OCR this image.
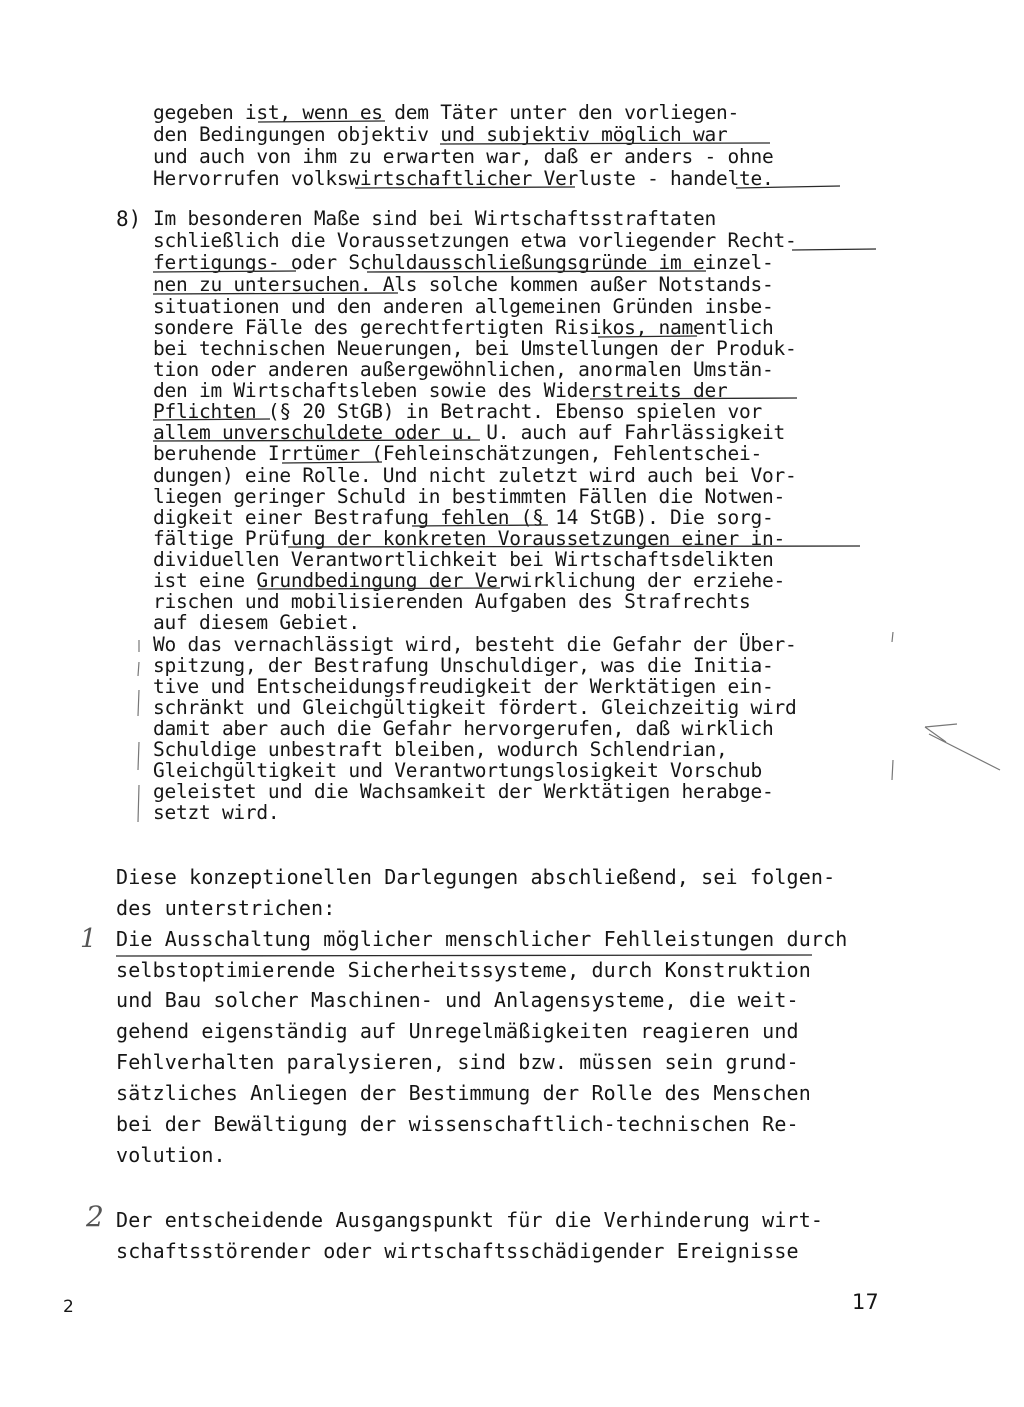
gegeben ist, wenn es dem Täter unter den vorliegen-
den Bedingungen objektiv und subjektiv möglich war
und auch von ihm zu erwarten war, daß er anders - ohne
Hervorrufen volkswirtschaftlicher Verluste - handelte.
8) Im besonderen Maße sind bei Wirtschaftsstraftaten
schließlich die Voraussetzungen etwa vorliegender Recht-
fertigungs- oder Schuldausschließungsgründe im einzel-
nen zu untersuchen. Als solche kommen außer Notstands-
situationen und den anderen allgemeinen Gründen insbe-
sondere Fälle des gerechtfertigten Risikos, namentlich
bei technischen Neuerungen, bei Umstellungen der Produk-
tion oder anderen außergewöhnlichen, anormalen Umstän-
den im Wirtschaftsleben sowie des Widerstreits der
Pflichten (§ 20 StGB) in Betracht. Ebenso spielen vor
allem unverschuldete oder u. U. auch auf Fahrlässigkeit
beruhende Irrtümer (Fehleinschätzungen, Fehlentschei-
dungen) eine Rolle. Und nicht zuletzt wird auch bei Vor-
liegen geringer Schuld in bestimmten Fällen die Notwen-
digkeit einer Bestrafung fehlen (§ 14 StGB). Die sorg-
fältige Prüfung der konkreten Voraussetzungen einer in-
dividuellen Verantwortlichkeit bei Wirtschaftsdelikten
ist eine Grundbedingung der Verwirklichung der erziehe-
rischen und mobilisierenden Aufgaben des Strafrechts
auf diesem Gebiet.
Wo das vernachlässigt wird, besteht die Gefahr der Über-
spitzung, der Bestrafung Unschuldiger, was die Initia-
tive und Entscheidungsfreudigkeit der Werktätigen ein-
schränkt und Gleichgültigkeit fördert. Gleichzeitig wird
damit aber auch die Gefahr hervorgerufen, daß wirklich
Schuldige unbestraft bleiben, wodurch Schlendrian,
Gleichgültigkeit und Verantwortungslosigkeit Vorschub
geleistet und die Wachsamkeit der Werktätigen herabge-
setzt wird.
Diese konzeptionellen Darlegungen abschließend, sei folgen-
des unterstrichen:
Die Ausschaltung möglicher menschlicher Fehlleistungen durch
selbstoptimierende Sicherheitssysteme, durch Konstruktion
und Bau solcher Maschinen- und Anlagensysteme, die weit-
gehend eigenständig auf Unregelmäßigkeiten reagieren und
Fehlverhalten paralysieren, sind bzw. müssen sein grund-
sätzliches Anliegen der Bestimmung der Rolle des Menschen
bei der Bewältigung der wissenschaftlich-technischen Re-
volution.
Der entscheidende Ausgangspunkt für die Verhinderung wirt-
schaftsstörender oder wirtschaftsschädigender Ereignisse
1
2
2	17
